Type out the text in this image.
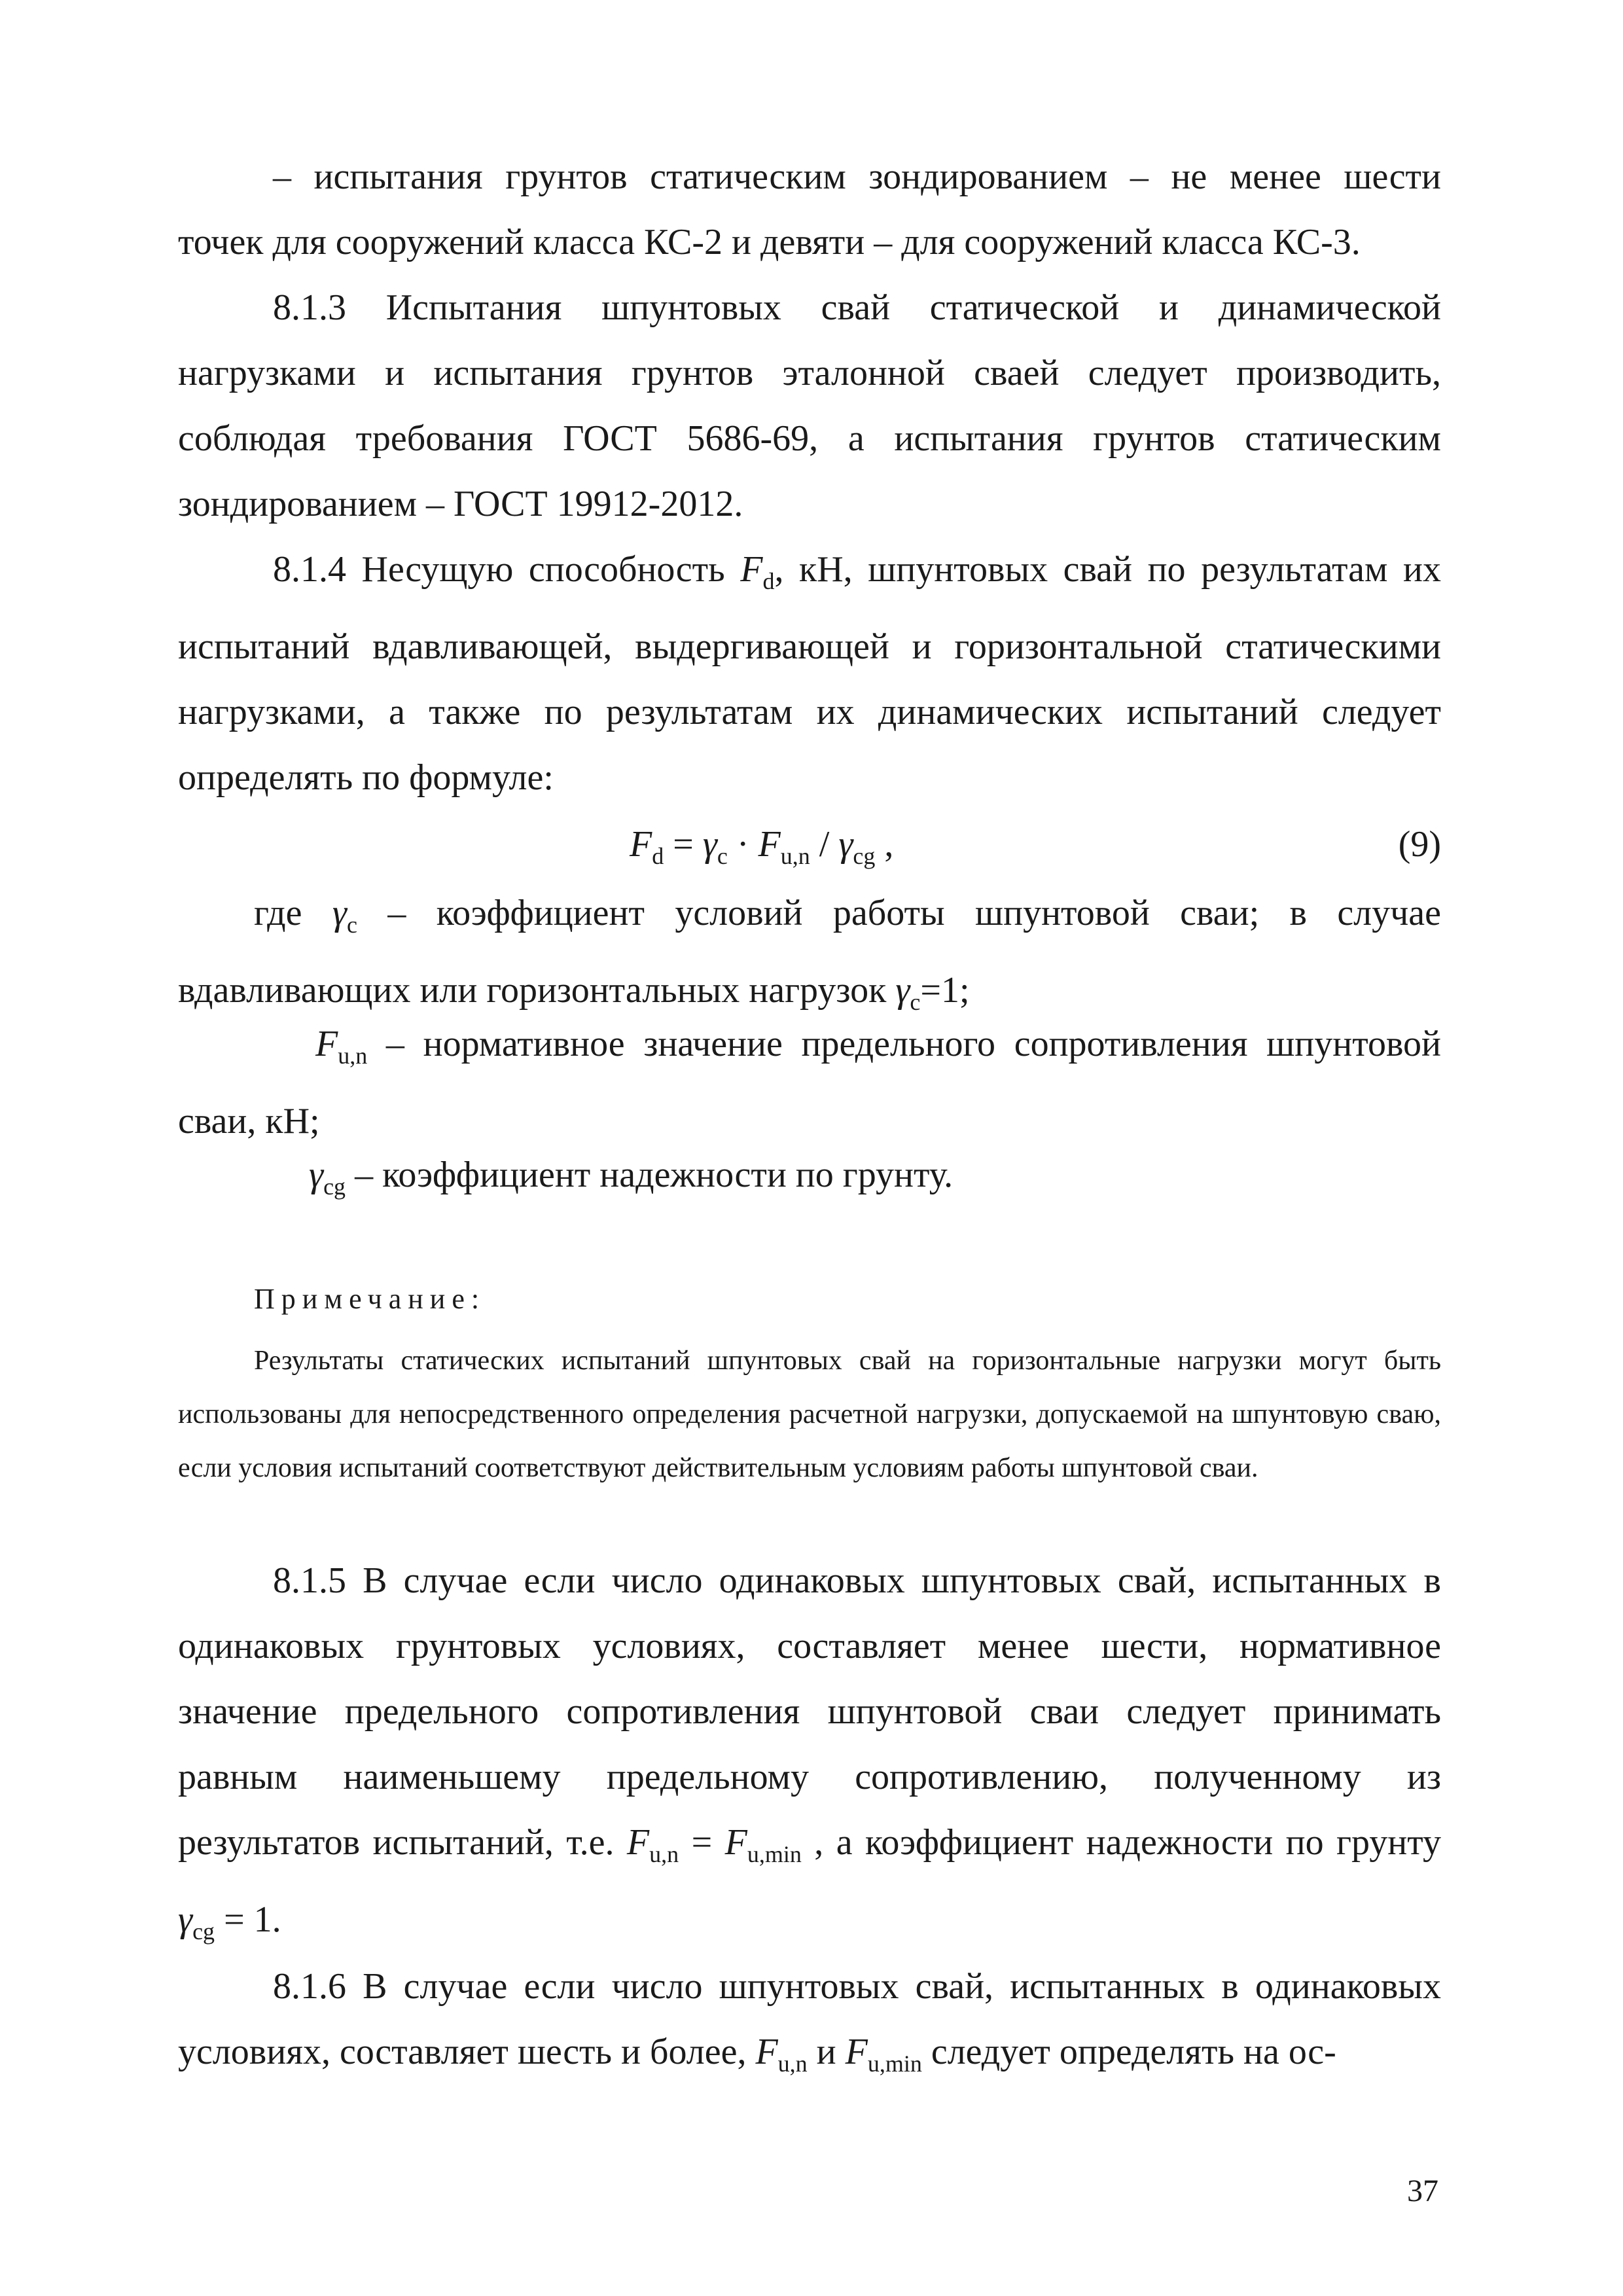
– испытания грунтов статическим зондированием – не менее шести

точек для сооружений класса КС-2 и девяти – для сооружений класса КС-3.

8.1.3 Испытания шпунтовых свай статической и динамической нагрузками и испытания грунтов эталонной сваей следует производить, соблюдая требования ГОСТ 5686-69, а испытания грунтов статическим зондированием – ГОСТ 19912-2012.

8.1.4 Несущую способность $F_d$, кН, шпунтовых свай по результатам их испытаний вдавливающей, выдергивающей и горизонтальной статическими нагрузками, а также по результатам их динамических испытаний следует определять по формуле:

$F_d = \gamma_c \cdot F_{u,n} / \gamma_{cg}$ ,	(9)

где $\gamma_c$ – коэффициент условий работы шпунтовой сваи; в случае вдавливающих или горизонтальных нагрузок $\gamma_c=1$;

$F_{u,n}$ – нормативное значение предельного сопротивления шпунтовой сваи, кН;

$\gamma_{cg}$ – коэффициент надежности по грунту.

Примечание:

Результаты статических испытаний шпунтовых свай на горизонтальные нагрузки могут быть использованы для непосредственного определения расчетной нагрузки, допускаемой на шпунтовую сваю, если условия испытаний соответствуют действительным условиям работы шпунтовой сваи.

8.1.5 В случае если число одинаковых шпунтовых свай, испытанных в одинаковых грунтовых условиях, составляет менее шести, нормативное значение предельного сопротивления шпунтовой сваи следует принимать равным наименьшему предельному сопротивлению, полученному из результатов испытаний, т.е. $F_{u,n} = F_{u,min}$ , а коэффициент надежности по грунту $\gamma_{cg} = 1$.

8.1.6 В случае если число шпунтовых свай, испытанных в одинаковых условиях, составляет шесть и более, $F_{u,n}$ и $F_{u,min}$ следует определять на ос-

37
